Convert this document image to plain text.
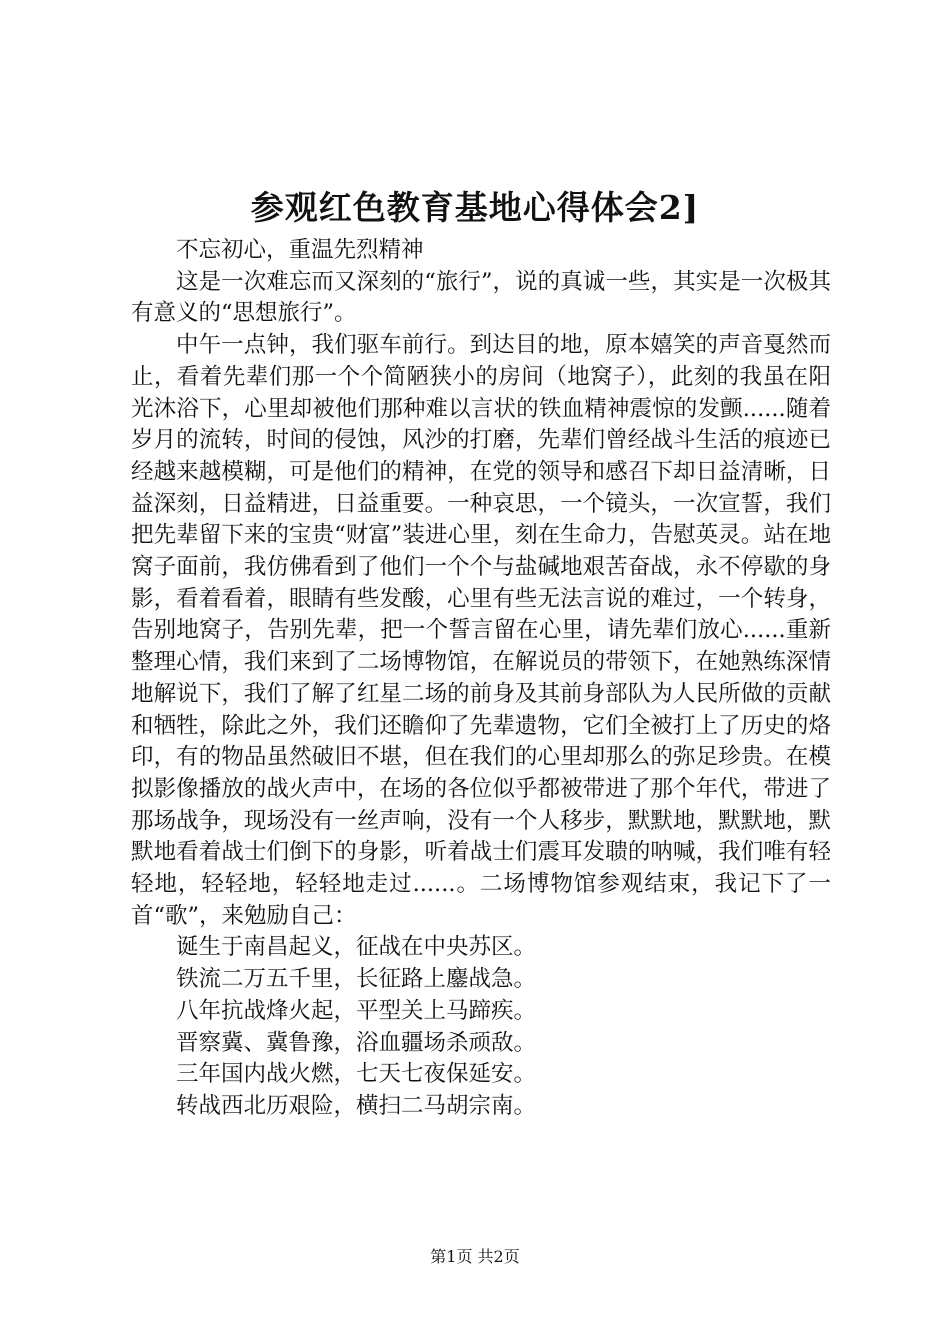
参观红色教育基地心得体会2]

不忘初心，重温先烈精神

这是一次难忘而又深刻的“旅行”，说的真诚一些，其实是一次极其有意义的“思想旅行”。

中午一点钟，我们驱车前行。到达目的地，原本嬉笑的声音戛然而止，看着先辈们那一个个简陋狭小的房间（地窝子），此刻的我虽在阳光沐浴下，心里却被他们那种难以言状的铁血精神震惊的发颤......随着岁月的流转，时间的侵蚀，风沙的打磨，先辈们曾经战斗生活的痕迹已经越来越模糊，可是他们的精神，在党的领导和感召下却日益清晰，日益深刻，日益精进，日益重要。一种哀思，一个镜头，一次宣誓，我们把先辈留下来的宝贵“财富”装进心里，刻在生命力，告慰英灵。站在地窝子面前，我仿佛看到了他们一个个与盐碱地艰苦奋战，永不停歇的身影，看着看着，眼睛有些发酸，心里有些无法言说的难过，一个转身，告别地窝子，告别先辈，把一个誓言留在心里，请先辈们放心......重新整理心情，我们来到了二场博物馆，在解说员的带领下，在她熟练深情地解说下，我们了解了红星二场的前身及其前身部队为人民所做的贡献和牺牲，除此之外，我们还瞻仰了先辈遗物，它们全被打上了历史的烙印，有的物品虽然破旧不堪，但在我们的心里却那么的弥足珍贵。在模拟影像播放的战火声中，在场的各位似乎都被带进了那个年代，带进了那场战争，现场没有一丝声响，没有一个人移步，默默地，默默地，默默地看着战士们倒下的身影，听着战士们震耳发聩的呐喊，我们唯有轻轻地，轻轻地，轻轻地走过......。二场博物馆参观结束，我记下了一首“歌”，来勉励自己：

诞生于南昌起义，征战在中央苏区。
铁流二万五千里，长征路上鏖战急。
八年抗战烽火起，平型关上马蹄疾。
晋察冀、冀鲁豫，浴血疆场杀顽敌。
三年国内战火燃，七天七夜保延安。
转战西北历艰险，横扫二马胡宗南。
第1页 共2页
